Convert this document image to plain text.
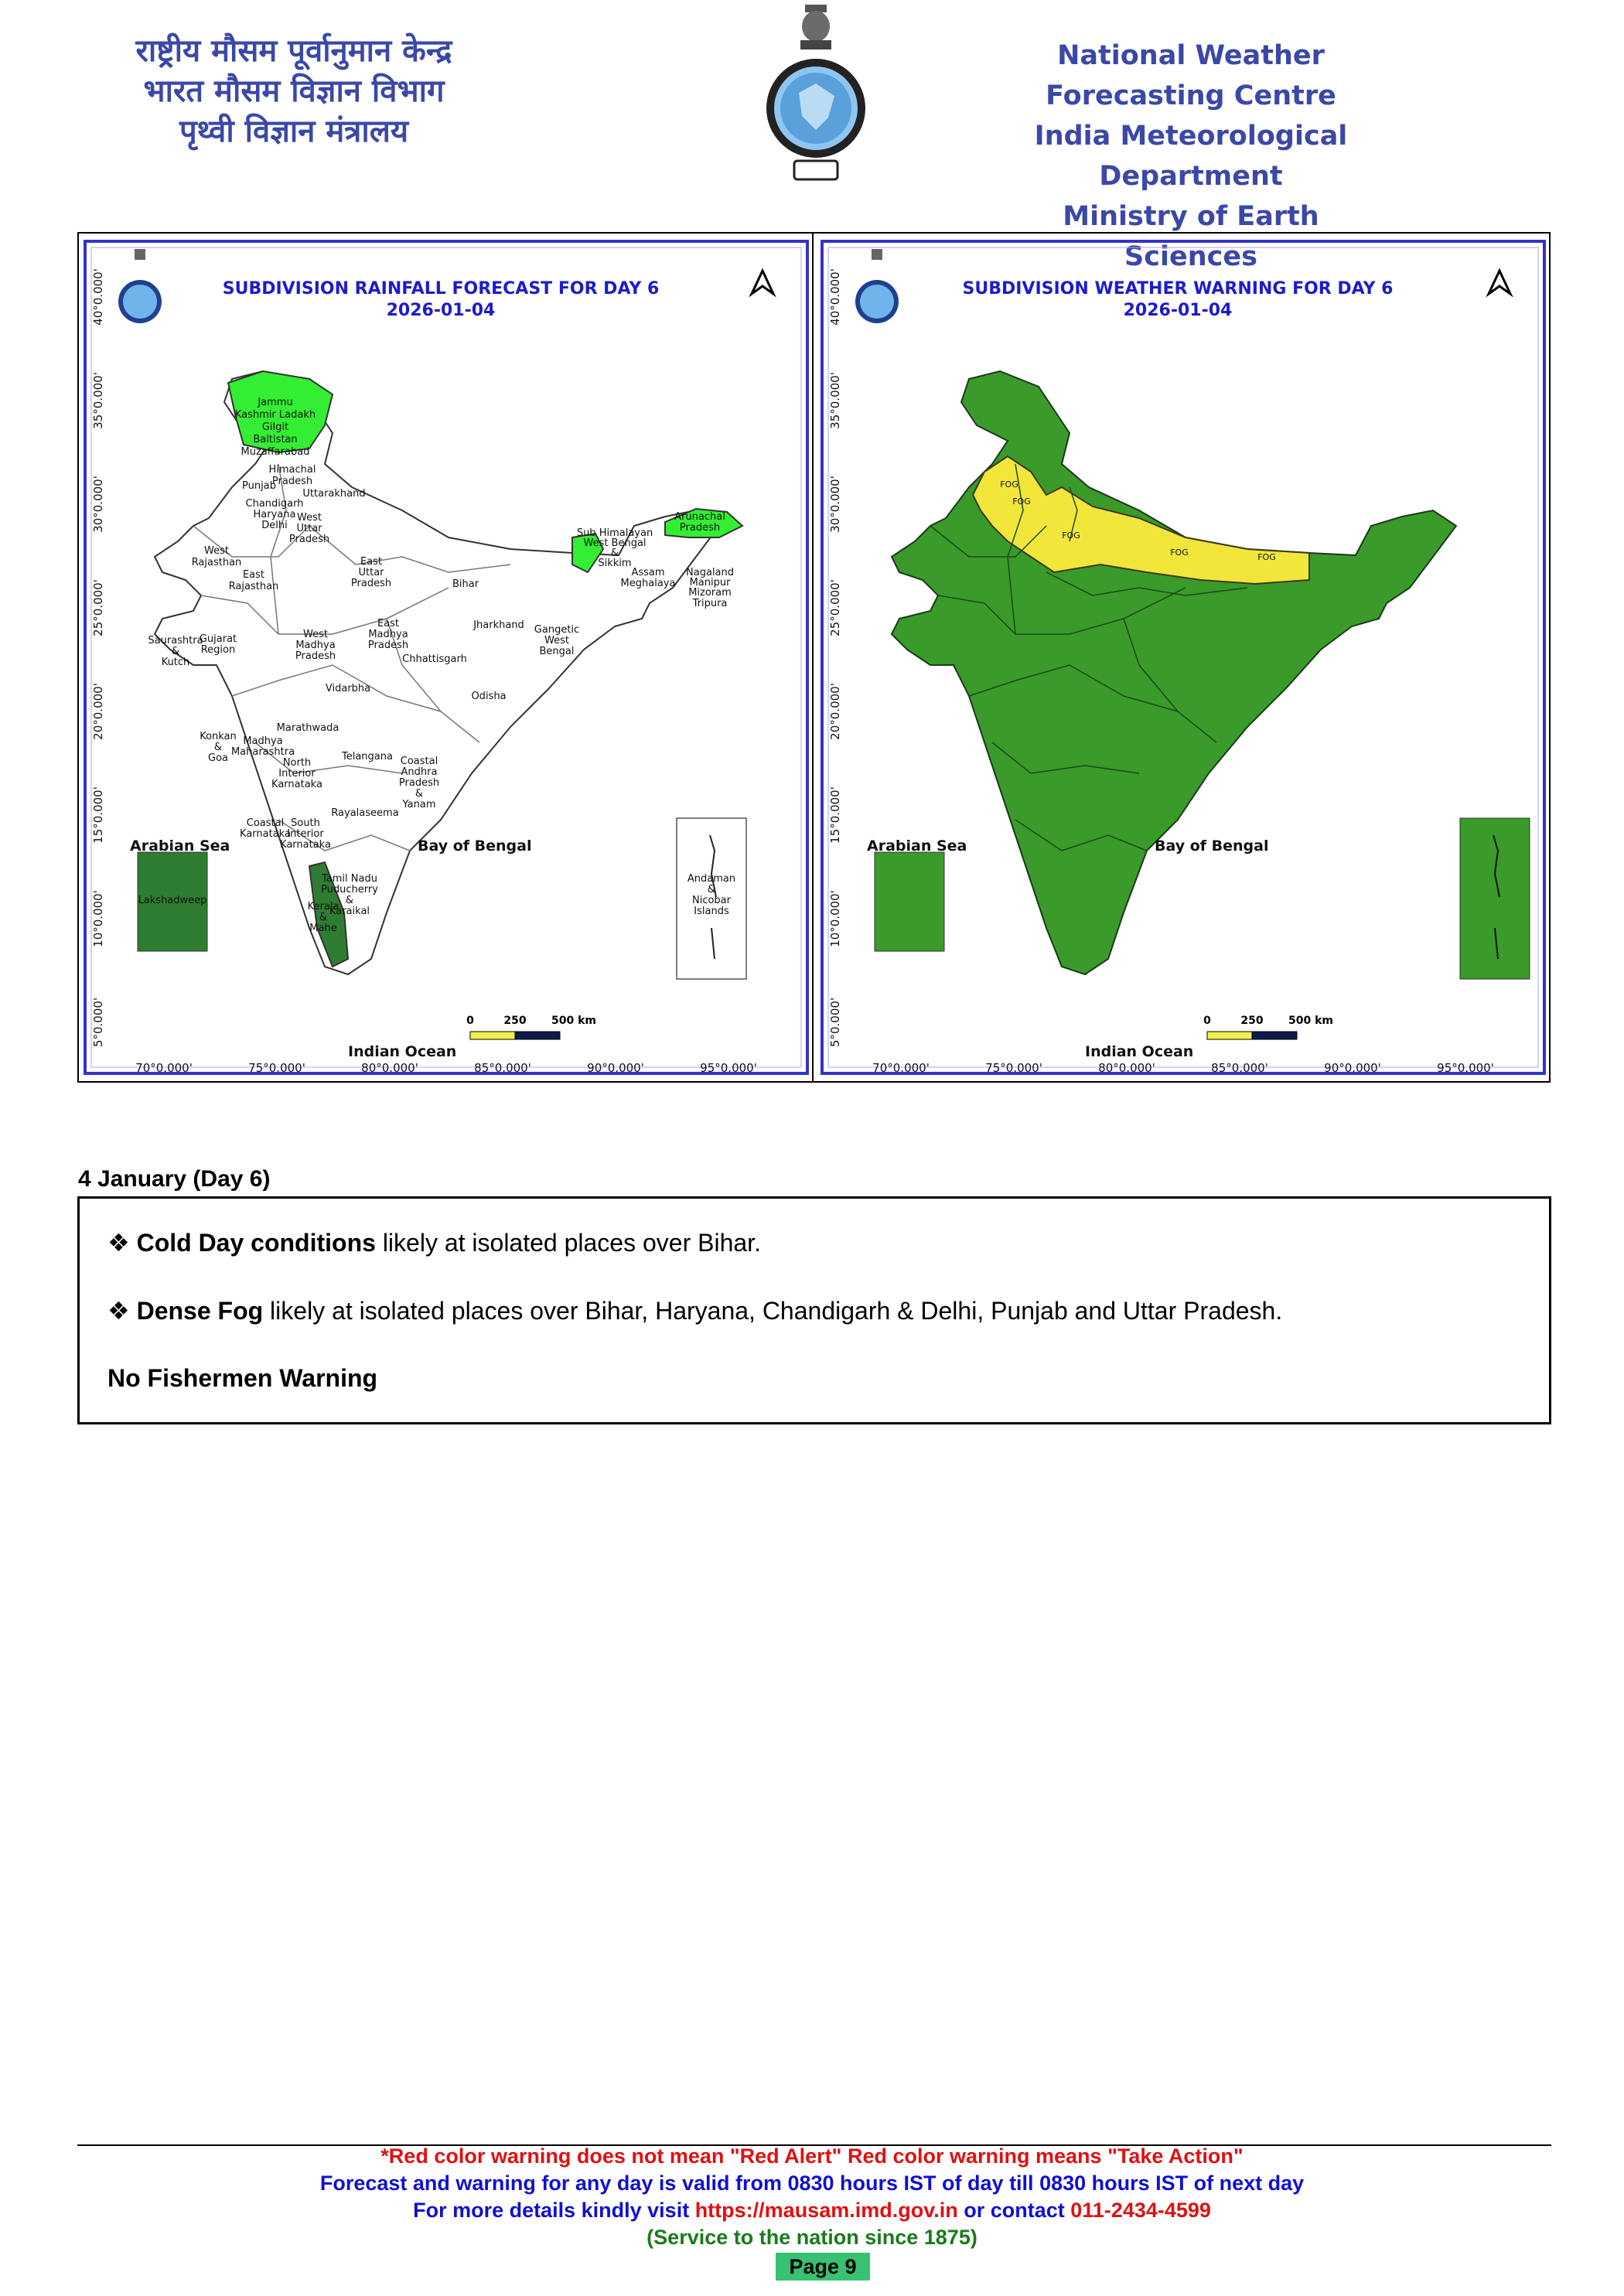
राष्ट्रीय मौसम पूर्वानुमान केन्द्र
भारत मौसम विज्ञान विभाग
पृथ्वी विज्ञान मंत्रालय
National Weather Forecasting Centre
India Meteorological Department
Ministry of Earth Sciences
SUBDIVISION RAINFALL FORECAST FOR DAY 6
2026-01-04
Jammu
Kashmir Ladakh
Gilgit
Baltistan
Muzaffarabad
Himachal
Pradesh
Punjab
Uttarakhand
Chandigarh
Haryana
Delhi
West
Uttar
Pradesh
West
Rajasthan
East
Rajasthan
East
Uttar
Pradesh	Bihar
Sub Himalayan
West Bengal
&
Sikkim
Arunachal
Pradesh
Assam
Meghalaya
Nagaland
Manipur
Mizoram
Tripura
Saurashtra
&
Kutch
Gujarat
Region
West
Madhya
Pradesh
East
Madhya
Pradesh
Jharkhand Gangetic
West
Bengal
Chhattisgarh
Odisha
Vidarbha
Marathwada
Konkan
&
Goa
Madhya
Maharashtra
North
Interior
Karnataka
Telangana Coastal
Andhra
Pradesh
&
Yanam
Rayalaseema
Coastal
Karnataka
South
Interior
Karnataka
Tamil Nadu
Puducherry
&
Karaikal
Kerala
&
Mahe
Lakshadweep
Andaman
&
Nicobar
Islands
Arabian Sea	Bay of Bengal
Indian Ocean
0	250 500 km
70°0.000'	75°0.000'	80°0.000'	85°0.000'	90°0.000'	95°0.000'
40°0.000'
35°0.000'
30°0.000'
25°0.000'
20°0.000'
15°0.000'
10°0.000'
5°0.000'
SUBDIVISION WEATHER WARNING FOR DAY 6
2026-01-04
FOG
FOG
FOG
FOG	FOG
Arabian Sea	Bay of Bengal
Indian Ocean
0	250 500 km
70°0.000'	75°0.000'	80°0.000'	85°0.000'	90°0.000'	95°0.000'
40°0.000'
35°0.000'
30°0.000'
25°0.000'
20°0.000'
15°0.000'
10°0.000'
5°0.000'
4 January (Day 6)
❖ Cold Day conditions likely at isolated places over Bihar.
❖ Dense Fog likely at isolated places over Bihar, Haryana, Chandigarh & Delhi, Punjab and Uttar Pradesh.
No Fishermen Warning
*Red color warning does not mean "Red Alert" Red color warning means "Take Action"
Forecast and warning for any day is valid from 0830 hours IST of day till 0830 hours IST of next day
For more details kindly visit https://mausam.imd.gov.in or contact 011-2434-4599
(Service to the nation since 1875)
Page 9
